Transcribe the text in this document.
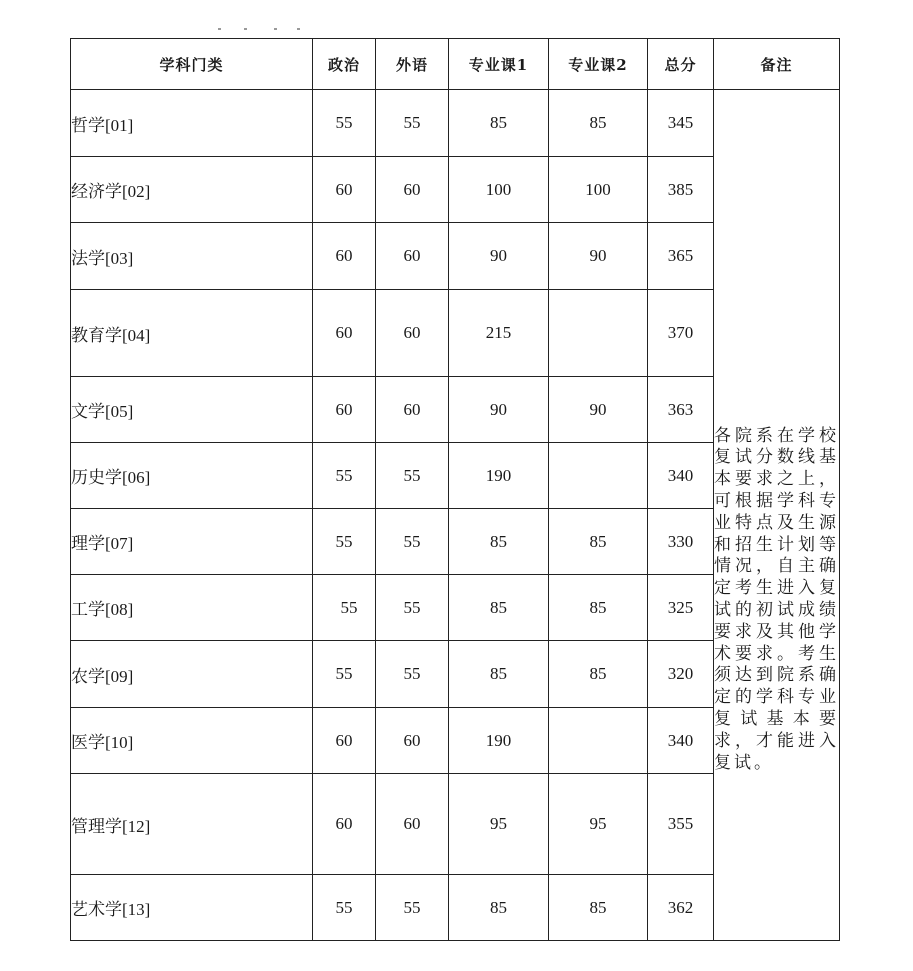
学科门类	政治	外语	专业课1	专业课2	总分	备注
哲学[01]	55	55	85	85	345	各院系在学校复试分数线基本要求之上，可根据学科专业特点及生源和招生计划等情况，自主确定考生进入复试的初试成绩要求及其他学术要求。考生须达到院系确定的学科专业复试基本要求，才能进入复试。

经济学[02]	60	60	100	100	385	
法学[03]	60	60	90	90	365	
教育学[04]	60	60	215		370	
文学[05]	60	60	90	90	363	
历史学[06]	55	55	190		340	
理学[07]	55	55	85	85	330	
工学[08]	55	55	85	85	325	
农学[09]	55	55	85	85	320	
医学[10]	60	60	190		340	
管理学[12]	60	60	95	95	355	
艺术学[13]	55	55	85	85	362	
